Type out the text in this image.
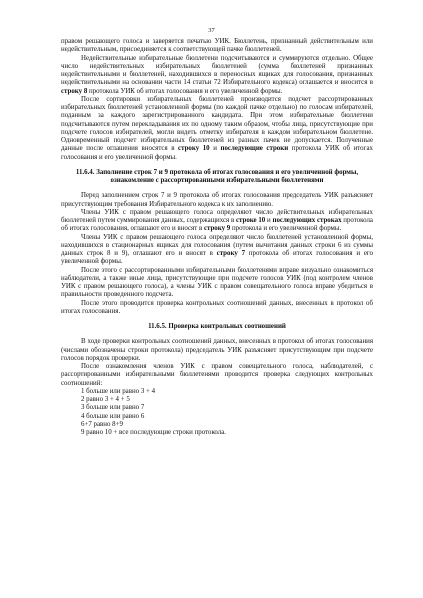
37

правом решающего голоса и заверяется печатью УИК. Бюллетень, признанный действительным или недействительным, присоединяется к соответствующей пачке бюллетеней.

Недействительные избирательные бюллетени подсчитываются и суммируются отдельно. Общее число недействительных избирательных бюллетеней (сумма бюллетеней признанных недействительными и бюллетеней, находившихся в переносных ящиках для голосования, признанных недействительными на основании части 14 статьи 72 Избирательного кодекса) оглашается и вносится в строку 8 протокола УИК об итогах голосования и его увеличенной формы.

После сортировки избирательных бюллетеней производится подсчет рассортированных избирательных бюллетеней установленной формы (по каждой пачке отдельно) по голосам избирателей, поданным за каждого зарегистрированного кандидата. При этом избирательные бюллетени подсчитываются путем перекладывания их по одному таким образом, чтобы лица, присутствующие при подсчете голосов избирателей, могли видеть отметку избирателя в каждом избирательном бюллетене. Одновременный подсчет избирательных бюллетеней из разных пачек не допускается. Полученные данные после оглашения вносятся в строку 10 и последующие строки протокола УИК об итогах голосования и его увеличенной формы.

11.6.4. Заполнение строк 7 и 9 протокола об итогах голосования и его увеличенной формы, ознакомление с рассортированными избирательными бюллетенями

Перед заполнением строк 7 и 9 протокола об итогах голосования председатель УИК разъясняет присутствующим требования Избирательного кодекса к их заполнению.

Члены УИК с правом решающего голоса определяют число действительных избирательных бюллетеней путем суммирования данных, содержащихся в строке 10 и последующих строках протокола об итогах голосования, оглашают его и вносят в строку 9 протокола и его увеличенной формы.

Члены УИК с правом решающего голоса определяют число бюллетеней установленной формы, находившихся в стационарных ящиках для голосования (путем вычитания данных строки 6 из суммы данных строк 8 и 9), оглашают его и вносят в строку 7 протокола об итогах голосования и его увеличенной формы.

После этого с рассортированными избирательными бюллетенями вправе визуально ознакомиться наблюдатели, а также иные лица, присутствующие при подсчете голосов УИК (под контролем членов УИК с правом решающего голоса), а члены УИК с правом совещательного голоса вправе убедиться в правильности проведенного подсчета.

После этого проводится проверка контрольных соотношений данных, внесенных в протокол об итогах голосования.

11.6.5. Проверка контрольных соотношений

В ходе проверки контрольных соотношений данных, внесенных в протокол об итогах голосования (числами обозначены строки протокола) председатель УИК разъясняет присутствующим при подсчете голосов порядок проверки.

После ознакомления членов УИК с правом совещательного голоса, наблюдателей, с рассортированными избирательными бюллетенями проводится проверка следующих контрольных соотношений:

1 больше или равно 3 + 4
2 равно 3 + 4 + 5
3 больше или равно 7
4 больше или равно 6
6+7 равно 8+9
9 равно 10 + все последующие строки протокола.
